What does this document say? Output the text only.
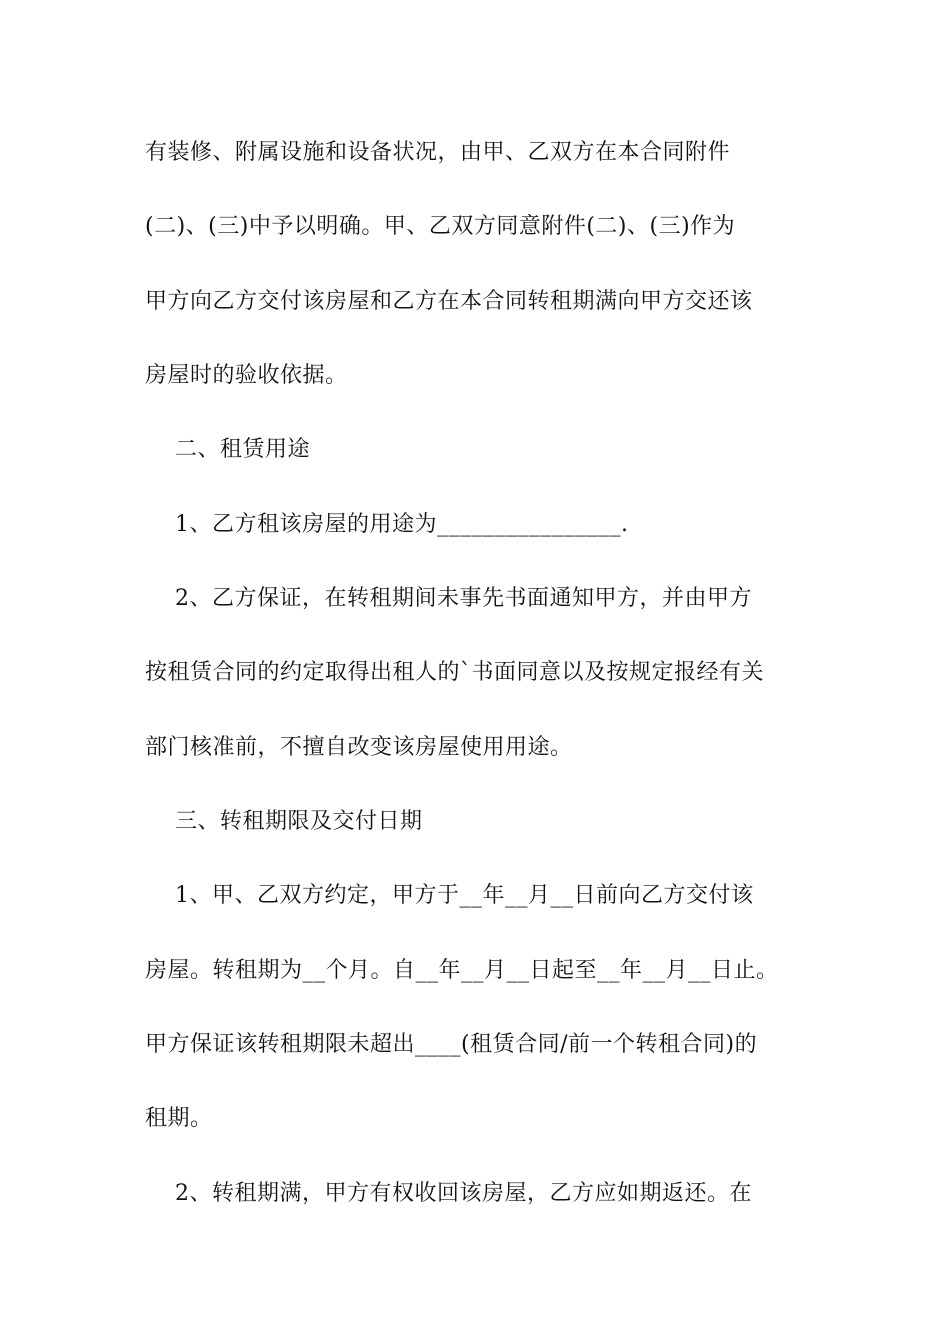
有装修、附属设施和设备状况，由甲、乙双方在本合同附件
(二)、(三)中予以明确。甲、乙双方同意附件(二)、(三)作为
甲方向乙方交付该房屋和乙方在本合同转租期满向甲方交还该
房屋时的验收依据。
二、租赁用途
1、乙方租该房屋的用途为________________.
2、乙方保证，在转租期间未事先书面通知甲方，并由甲方
按租赁合同的约定取得出租人的`书面同意以及按规定报经有关
部门核准前，不擅自改变该房屋使用用途。
三、转租期限及交付日期
1、甲、乙双方约定，甲方于__年__月__日前向乙方交付该
房屋。转租期为__个月。自__年__月__日起至__年__月__日止。
甲方保证该转租期限未超出____(租赁合同/前一个转租合同)的
租期。
2、转租期满，甲方有权收回该房屋，乙方应如期返还。在
